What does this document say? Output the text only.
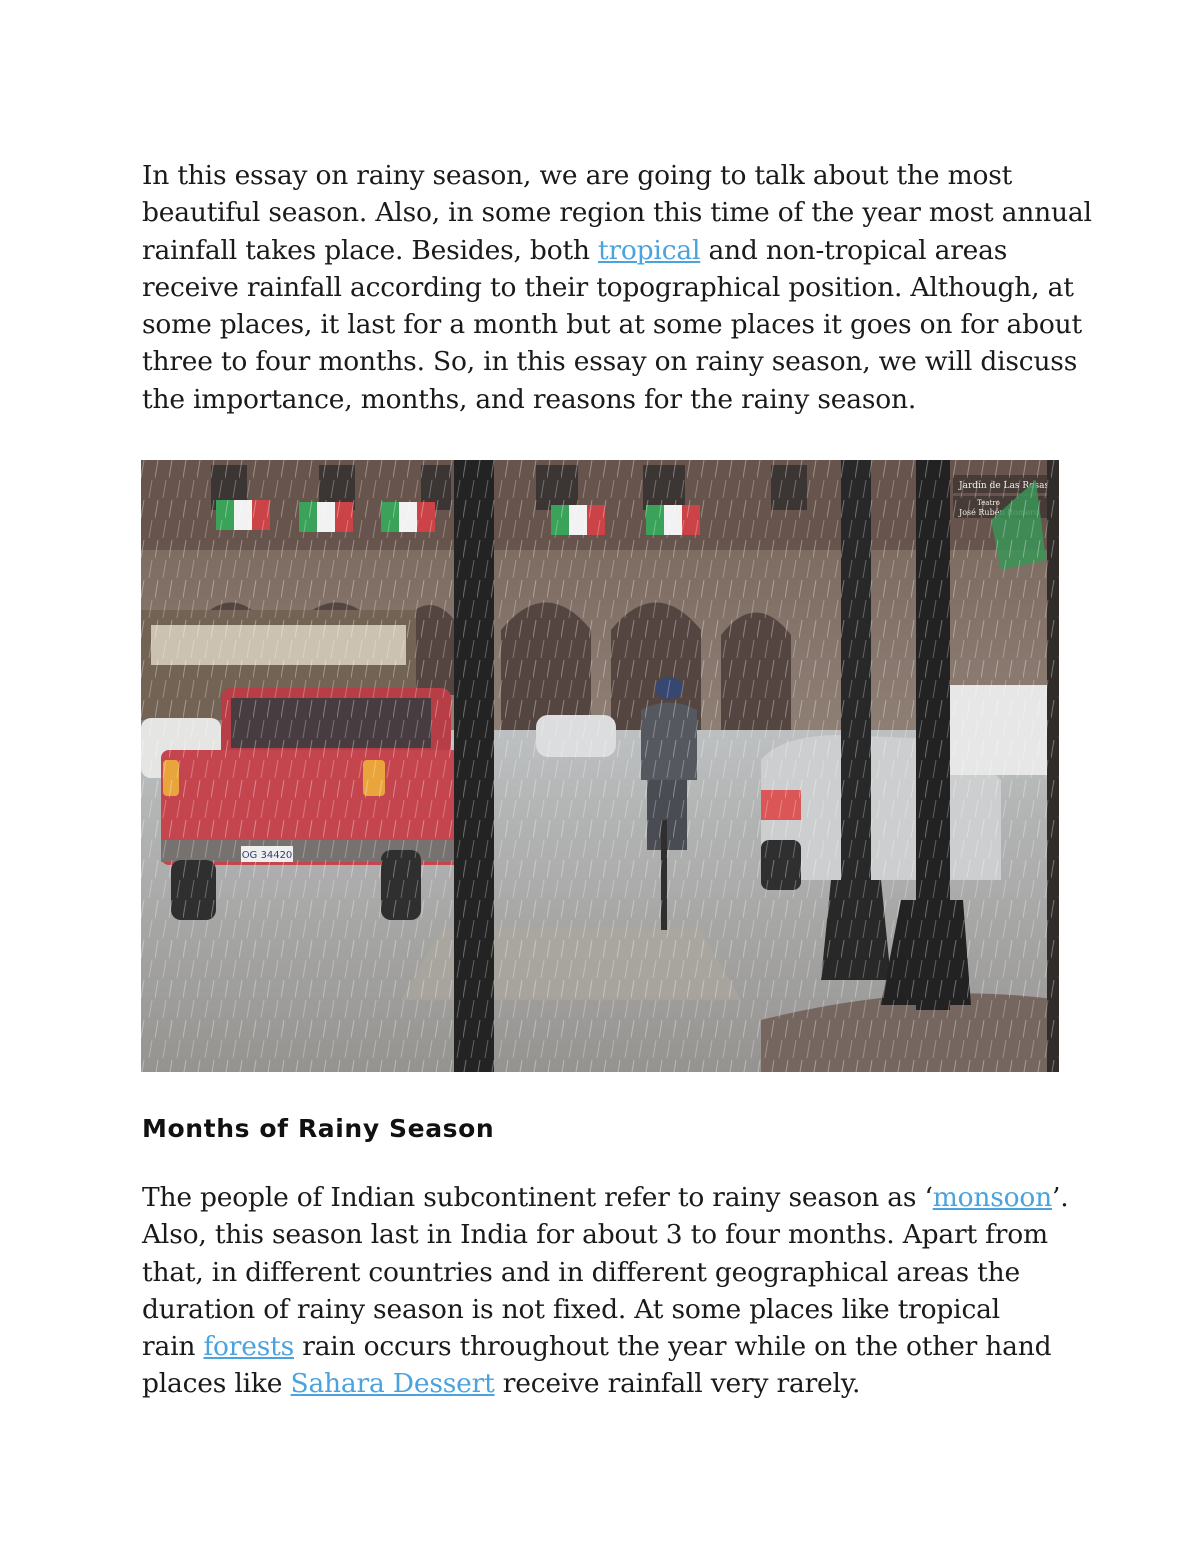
In this essay on rainy season, we are going to talk about the most
beautiful season. Also, in some region this time of the year most annual
rainfall takes place. Besides, both tropical and non-tropical areas
receive rainfall according to their topographical position. Although, at
some places, it last for a month but at some places it goes on for about
three to four months. So, in this essay on rainy season, we will discuss
the importance, months, and reasons for the rainy season.

Months of Rainy Season

The people of Indian subcontinent refer to rainy season as ‘monsoon’.
Also, this season last in India for about 3 to four months. Apart from
that, in different countries and in different geographical areas the
duration of rainy season is not fixed. At some places like tropical
rain forests rain occurs throughout the year while on the other hand
places like Sahara Dessert receive rainfall very rarely.
